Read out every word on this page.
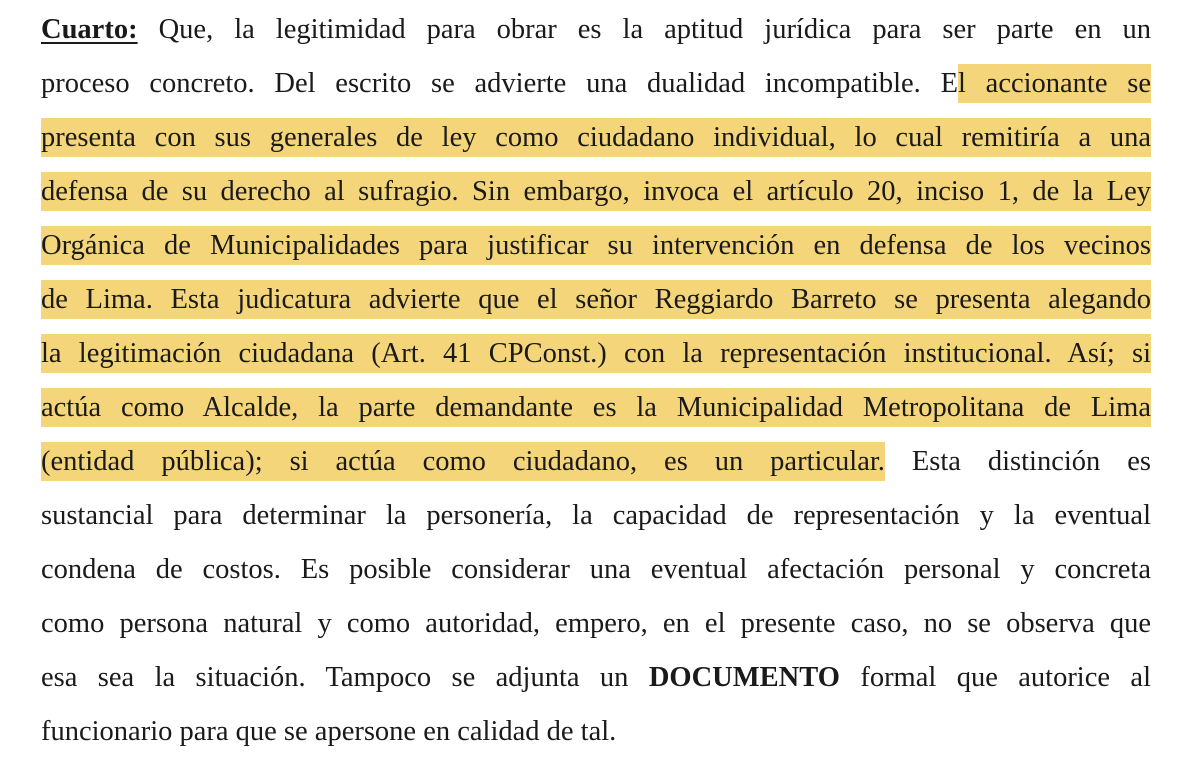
Cuarto: Que, la legitimidad para obrar es la aptitud jurídica para ser parte en un
proceso concreto. Del escrito se advierte una dualidad incompatible. El accionante se
presenta con sus generales de ley como ciudadano individual, lo cual remitiría a una
defensa de su derecho al sufragio. Sin embargo, invoca el artículo 20, inciso 1, de la Ley
Orgánica de Municipalidades para justificar su intervención en defensa de los vecinos
de Lima. Esta judicatura advierte que el señor Reggiardo Barreto se presenta alegando
la legitimación ciudadana (Art. 41 CPConst.) con la representación institucional. Así; si
actúa como Alcalde, la parte demandante es la Municipalidad Metropolitana de Lima
(entidad pública); si actúa como ciudadano, es un particular. Esta distinción es
sustancial para determinar la personería, la capacidad de representación y la eventual
condena de costos. Es posible considerar una eventual afectación personal y concreta
como persona natural y como autoridad, empero, en el presente caso, no se observa que
esa sea la situación. Tampoco se adjunta un DOCUMENTO formal que autorice al
funcionario para que se apersone en calidad de tal.
